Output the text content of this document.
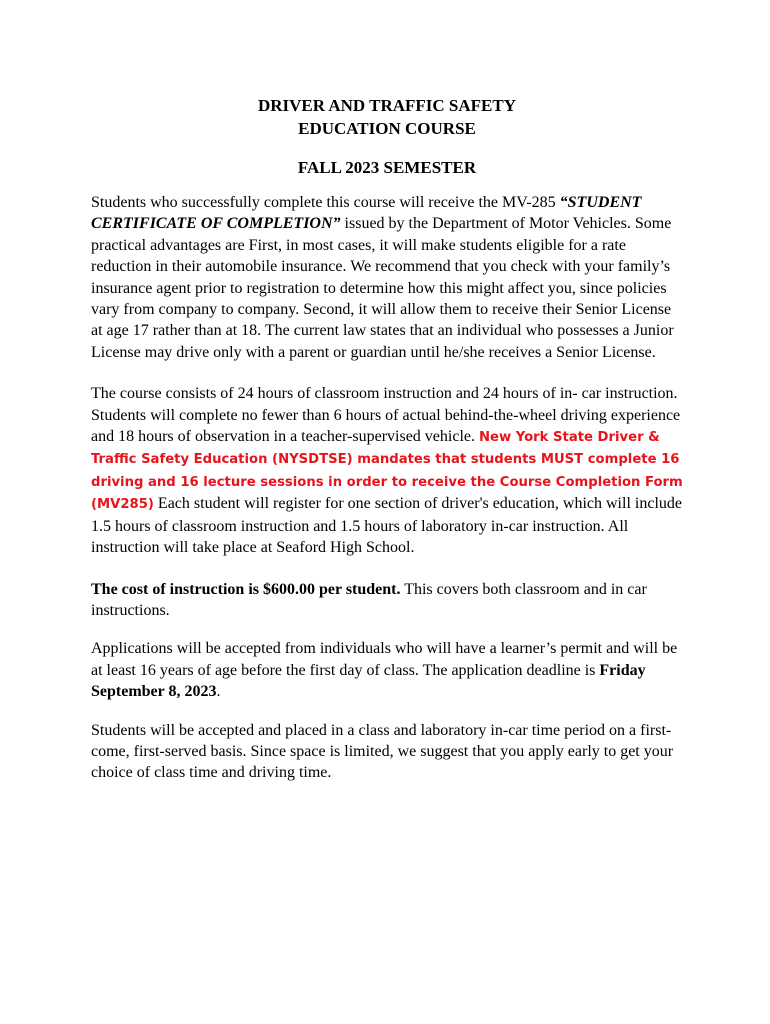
DRIVER AND TRAFFIC SAFETY
EDUCATION COURSE
FALL 2023 SEMESTER

Students who successfully complete this course will receive the MV-285 “STUDENT CERTIFICATE OF COMPLETION” issued by the Department of Motor Vehicles. Some practical advantages are First, in most cases, it will make students eligible for a rate reduction in their automobile insurance. We recommend that you check with your family’s insurance agent prior to registration to determine how this might affect you, since policies vary from company to company. Second, it will allow them to receive their Senior License at age 17 rather than at 18. The current law states that an individual who possesses a Junior License may drive only with a parent or guardian until he/she receives a Senior License.

The course consists of 24 hours of classroom instruction and 24 hours of in- car instruction. Students will complete no fewer than 6 hours of actual behind-the-wheel driving experience and 18 hours of observation in a teacher-supervised vehicle. New York State Driver & Traffic Safety Education (NYSDTSE) mandates that students MUST complete 16 driving and 16 lecture sessions in order to receive the Course Completion Form (MV285) Each student will register for one section of driver's education, which will include 1.5 hours of classroom instruction and 1.5 hours of laboratory in-car instruction. All instruction will take place at Seaford High School.

The cost of instruction is $600.00 per student. This covers both classroom and in car instructions.

Applications will be accepted from individuals who will have a learner’s permit and will be at least 16 years of age before the first day of class. The application deadline is Friday September 8, 2023.

Students will be accepted and placed in a class and laboratory in-car time period on a first-come, first-served basis. Since space is limited, we suggest that you apply early to get your choice of class time and driving time.
